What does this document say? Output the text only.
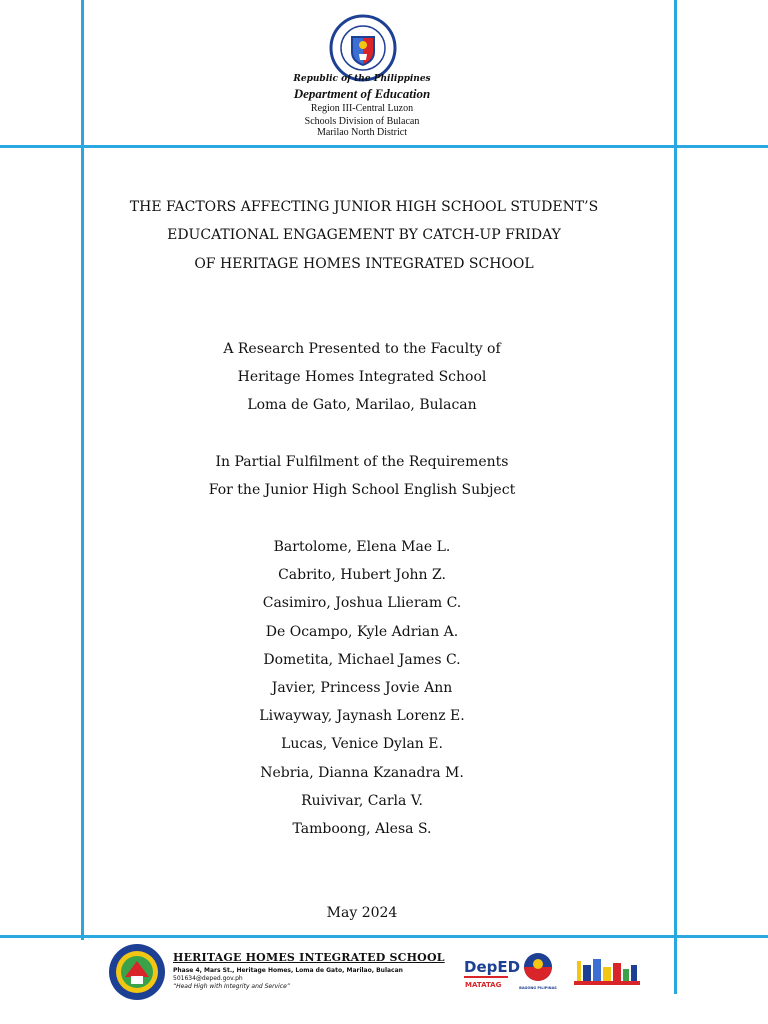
Republic of the Philippines
Department of Education
Region III-Central Luzon
Schools Division of Bulacan
Marilao North District
THE FACTORS AFFECTING JUNIOR HIGH SCHOOL STUDENT’S
EDUCATIONAL ENGAGEMENT BY CATCH-UP FRIDAY
OF HERITAGE HOMES INTEGRATED SCHOOL
A Research Presented to the Faculty of
Heritage Homes Integrated School
Loma de Gato, Marilao, Bulacan
In Partial Fulfilment of the Requirements
For the Junior High School English Subject
Bartolome, Elena Mae L.
Cabrito, Hubert John Z.
Casimiro, Joshua Llieram C.
De Ocampo, Kyle Adrian A.
Dometita, Michael James C.
Javier, Princess Jovie Ann
Liwayway, Jaynash Lorenz E.
Lucas, Venice Dylan E.
Nebria, Dianna Kzanadra M.
Ruivivar, Carla V.
Tamboong, Alesa S.
May 2024
HERITAGE HOMES INTEGRATED SCHOOL
Phase 4, Mars St., Heritage Homes, Loma de Gato, Marilao, Bulacan
501634@deped.gov.ph
“Head High with Integrity and Service”
DepED
MATATAG	BAGONG PILIPINAS
